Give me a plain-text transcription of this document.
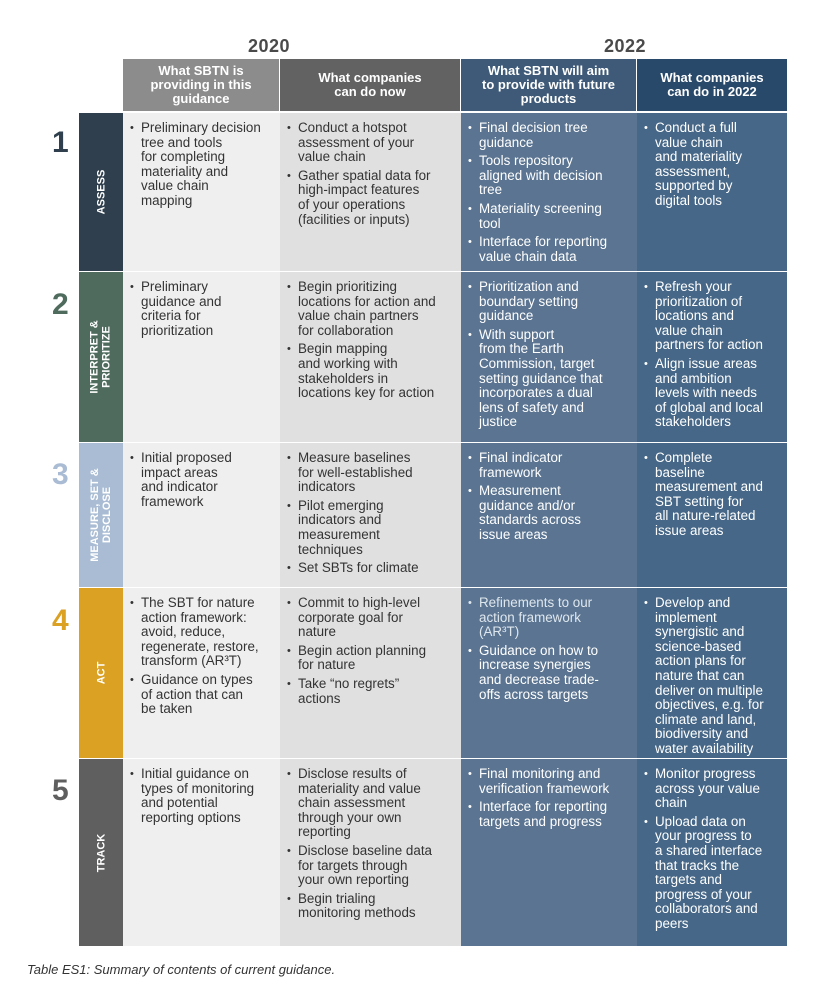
2020	2022
What SBTN is
providing in this
guidance
What companies
can do now
What SBTN will aim
to provide with future
products
What companies
can do in 2022
1
ASSESS
• Preliminary decision
tree and tools
for completing
materiality and
value chain
mapping
• Conduct a hotspot
assessment of your
value chain
• Gather spatial data for
high-impact features
of your operations
(facilities or inputs)
• Final decision tree
guidance
• Tools repository
aligned with decision
tree
• Materiality screening
tool
• Interface for reporting
value chain data
• Conduct a full
value chain
and materiality
assessment,
supported by
digital tools
2
INTERPRET &
PRIORITIZE
• Preliminary
guidance and
criteria for
prioritization
• Begin prioritizing
locations for action and
value chain partners
for collaboration
• Begin mapping
and working with
stakeholders in
locations key for action
• Prioritization and
boundary setting
guidance
• With support
from the Earth
Commission, target
setting guidance that
incorporates a dual
lens of safety and
justice
• Refresh your
prioritization of
locations and
value chain
partners for action
• Align issue areas
and ambition
levels with needs
of global and local
stakeholders
3
MEASURE, SET &
DISCLOSE
• Initial proposed
impact areas
and indicator
framework
• Measure baselines
for well-established
indicators
• Pilot emerging
indicators and
measurement
techniques
• Set SBTs for climate
• Final indicator
framework
• Measurement
guidance and/or
standards across
issue areas
• Complete
baseline
measurement and
SBT setting for
all nature-related
issue areas
4
ACT
• The SBT for nature
action framework:
avoid, reduce,
regenerate, restore,
transform (AR³T)
• Guidance on types
of action that can
be taken
• Commit to high-level
corporate goal for
nature
• Begin action planning
for nature
• Take “no regrets”
actions
• Refinements to our
action framework
(AR³T)
• Guidance on how to
increase synergies
and decrease trade-
offs across targets
• Develop and
implement
synergistic and
science-based
action plans for
nature that can
deliver on multiple
objectives, e.g. for
climate and land,
biodiversity and
water availability
5
TRACK
• Initial guidance on
types of monitoring
and potential
reporting options
• Disclose results of
materiality and value
chain assessment
through your own
reporting
• Disclose baseline data
for targets through
your own reporting
• Begin trialing
monitoring methods
• Final monitoring and
verification framework
• Interface for reporting
targets and progress
• Monitor progress
across your value
chain
• Upload data on
your progress to
a shared interface
that tracks the
targets and
progress of your
collaborators and
peers
Table ES1: Summary of contents of current guidance.
